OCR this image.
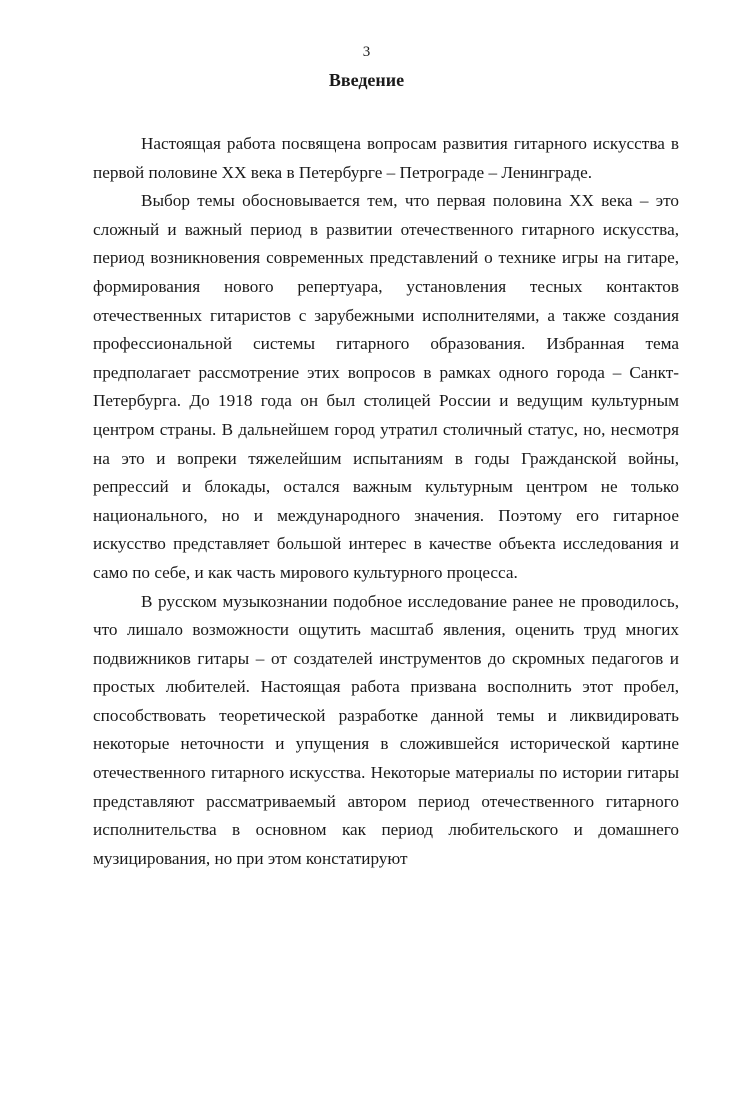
3
Введение

Настоящая работа посвящена вопросам развития гитарного искусства в первой половине XX века в Петербурге – Петрограде – Ленинграде.

Выбор темы обосновывается тем, что первая половина XX века – это сложный и важный период в развитии отечественного гитарного искусства, период возникновения современных представлений о технике игры на гитаре, формирования нового репертуара, установления тесных контактов отечественных гитаристов с зарубежными исполнителями, а также создания профессиональной системы гитарного образования. Избранная тема предполагает рассмотрение этих вопросов в рамках одного города – Санкт-Петербурга. До 1918 года он был столицей России и ведущим культурным центром страны. В дальнейшем город утратил столичный статус, но, несмотря на это и вопреки тяжелейшим испытаниям в годы Гражданской войны, репрессий и блокады, остался важным культурным центром не только национального, но и международного значения. Поэтому его гитарное искусство представляет большой интерес в качестве объекта исследования и само по себе, и как часть мирового культурного процесса.

В русском музыкознании подобное исследование ранее не проводилось, что лишало возможности ощутить масштаб явления, оценить труд многих подвижников гитары – от создателей инструментов до скромных педагогов и простых любителей. Настоящая работа призвана восполнить этот пробел, способствовать теоретической разработке данной темы и ликвидировать некоторые неточности и упущения в сложившейся исторической картине отечественного гитарного искусства. Некоторые материалы по истории гитары представляют рассматриваемый автором период отечественного гитарного исполнительства в основном как период любительского и домашнего музицирования, но при этом констатируют
